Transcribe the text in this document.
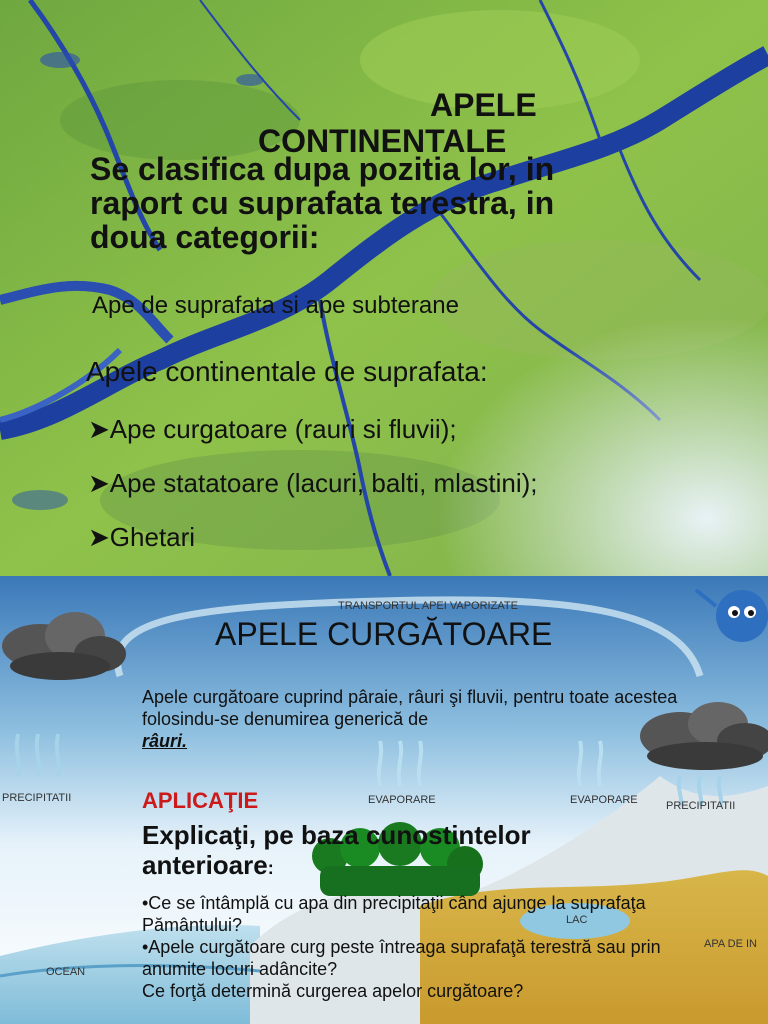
APELE
CONTINENTALE
Se clasifica dupa pozitia lor, in raport cu suprafata terestra, in doua categorii:
Ape de suprafata si ape subterane
Apele continentale de suprafata:
➤Ape curgatoare (rauri si fluvii);
➤Ape statatoare (lacuri, balti, mlastini);
➤Ghetari
TRANSPORTUL APEI VAPORIZATE
PRECIPITATII	EVAPORARE	EVAPORARE	PRECIPITATII
LAC
OCEAN
APA DE IN
APELE CURGĂTOARE
Apele curgătoare cuprind pâraie, râuri şi fluvii, pentru toate acestea folosindu-se denumirea generică de
râuri.
APLICAŢIE
Explicaţi, pe baza cunostintelor anterioare:
•Ce se întâmplă cu apa din precipitaţii când ajunge la suprafaţa Pământului?
•Apele curgătoare curg peste întreaga suprafaţă terestră sau prin anumite locuri adâncite?
Ce forţă determină curgerea apelor curgătoare?
